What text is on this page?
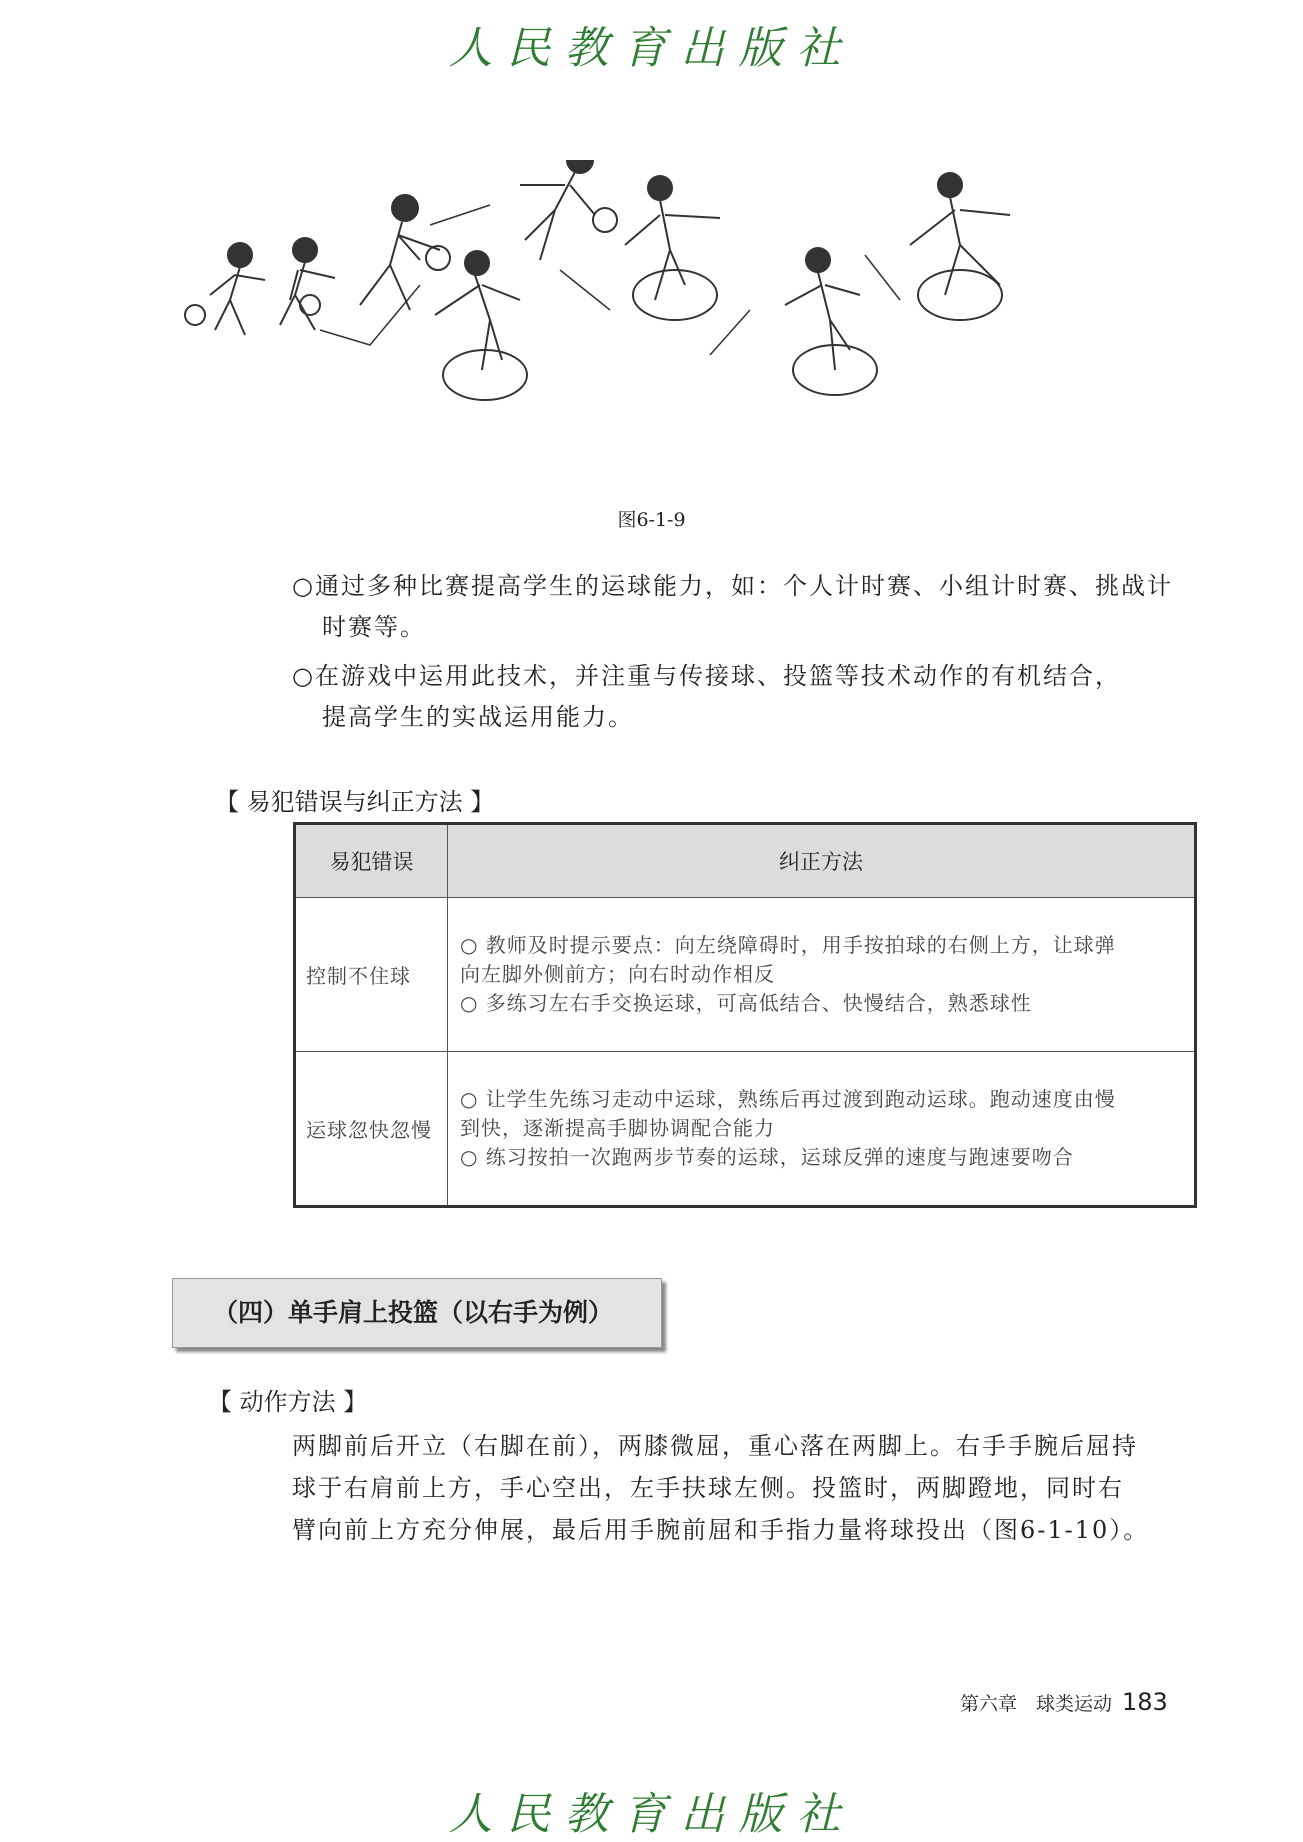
人民教育出版社
图6-1-9
○通过多种比赛提高学生的运球能力，如：个人计时赛、小组计时赛、挑战计
时赛等。
○在游戏中运用此技术，并注重与传接球、投篮等技术动作的有机结合，
提高学生的实战运用能力。
【 易犯错误与纠正方法 】
易犯错误	纠正方法
控制不住球	○ 教师及时提示要点：向左绕障碍时，用手按拍球的右侧上方，让球弹
向左脚外侧前方；向右时动作相反
○ 多练习左右手交换运球，可高低结合、快慢结合，熟悉球性

运球忽快忽慢	○ 让学生先练习走动中运球，熟练后再过渡到跑动运球。跑动速度由慢
到快，逐渐提高手脚协调配合能力
○ 练习按拍一次跑两步节奏的运球，运球反弹的速度与跑速要吻合
（四）单手肩上投篮（以右手为例）
【 动作方法 】
两脚前后开立（右脚在前），两膝微屈，重心落在两脚上。右手手腕后屈持
球于右肩前上方，手心空出，左手扶球左侧。投篮时，两脚蹬地，同时右
臂向前上方充分伸展，最后用手腕前屈和手指力量将球投出（图6-1-10）。
第六章　球类运动 183
人民教育出版社
